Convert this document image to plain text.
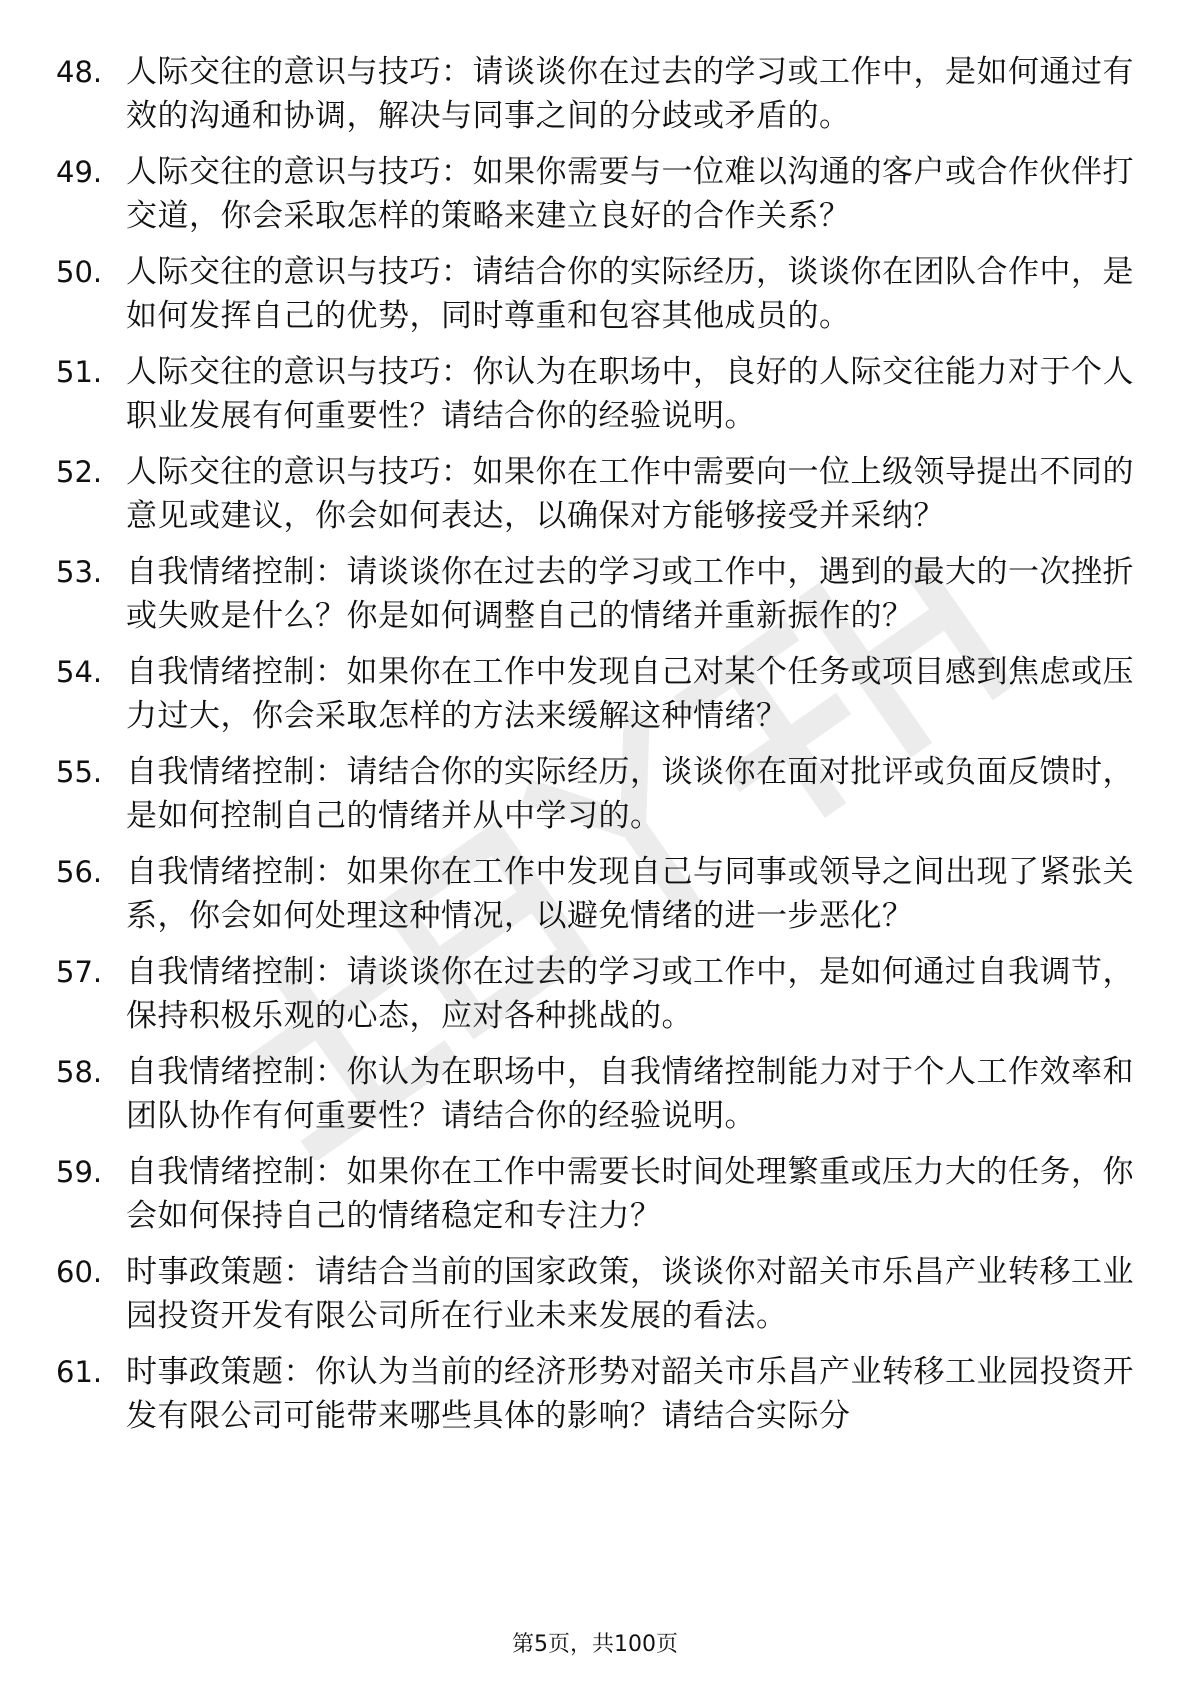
48. 人际交往的意识与技巧：请谈谈你在过去的学习或工作中，是如何通过有效的沟通和协调，解决与同事之间的分歧或矛盾的。
49. 人际交往的意识与技巧：如果你需要与一位难以沟通的客户或合作伙伴打交道，你会采取怎样的策略来建立良好的合作关系？
50. 人际交往的意识与技巧：请结合你的实际经历，谈谈你在团队合作中，是如何发挥自己的优势，同时尊重和包容其他成员的。
51. 人际交往的意识与技巧：你认为在职场中，良好的人际交往能力对于个人职业发展有何重要性？请结合你的经验说明。
52. 人际交往的意识与技巧：如果你在工作中需要向一位上级领导提出不同的意见或建议，你会如何表达，以确保对方能够接受并采纳？
53. 自我情绪控制：请谈谈你在过去的学习或工作中，遇到的最大的一次挫折或失败是什么？你是如何调整自己的情绪并重新振作的？
54. 自我情绪控制：如果你在工作中发现自己对某个任务或项目感到焦虑或压力过大，你会采取怎样的方法来缓解这种情绪？
55. 自我情绪控制：请结合你的实际经历，谈谈你在面对批评或负面反馈时，是如何控制自己的情绪并从中学习的。
56. 自我情绪控制：如果你在工作中发现自己与同事或领导之间出现了紧张关系，你会如何处理这种情况，以避免情绪的进一步恶化？
57. 自我情绪控制：请谈谈你在过去的学习或工作中，是如何通过自我调节，保持积极乐观的心态，应对各种挑战的。
58. 自我情绪控制：你认为在职场中，自我情绪控制能力对于个人工作效率和团队协作有何重要性？请结合你的经验说明。
59. 自我情绪控制：如果你在工作中需要长时间处理繁重或压力大的任务，你会如何保持自己的情绪稳定和专注力？
60. 时事政策题：请结合当前的国家政策，谈谈你对韶关市乐昌产业转移工业园投资开发有限公司所在行业未来发展的看法。
61. 时事政策题：你认为当前的经济形势对韶关市乐昌产业转移工业园投资开发有限公司可能带来哪些具体的影响？请结合实际分
第5页，共100页
